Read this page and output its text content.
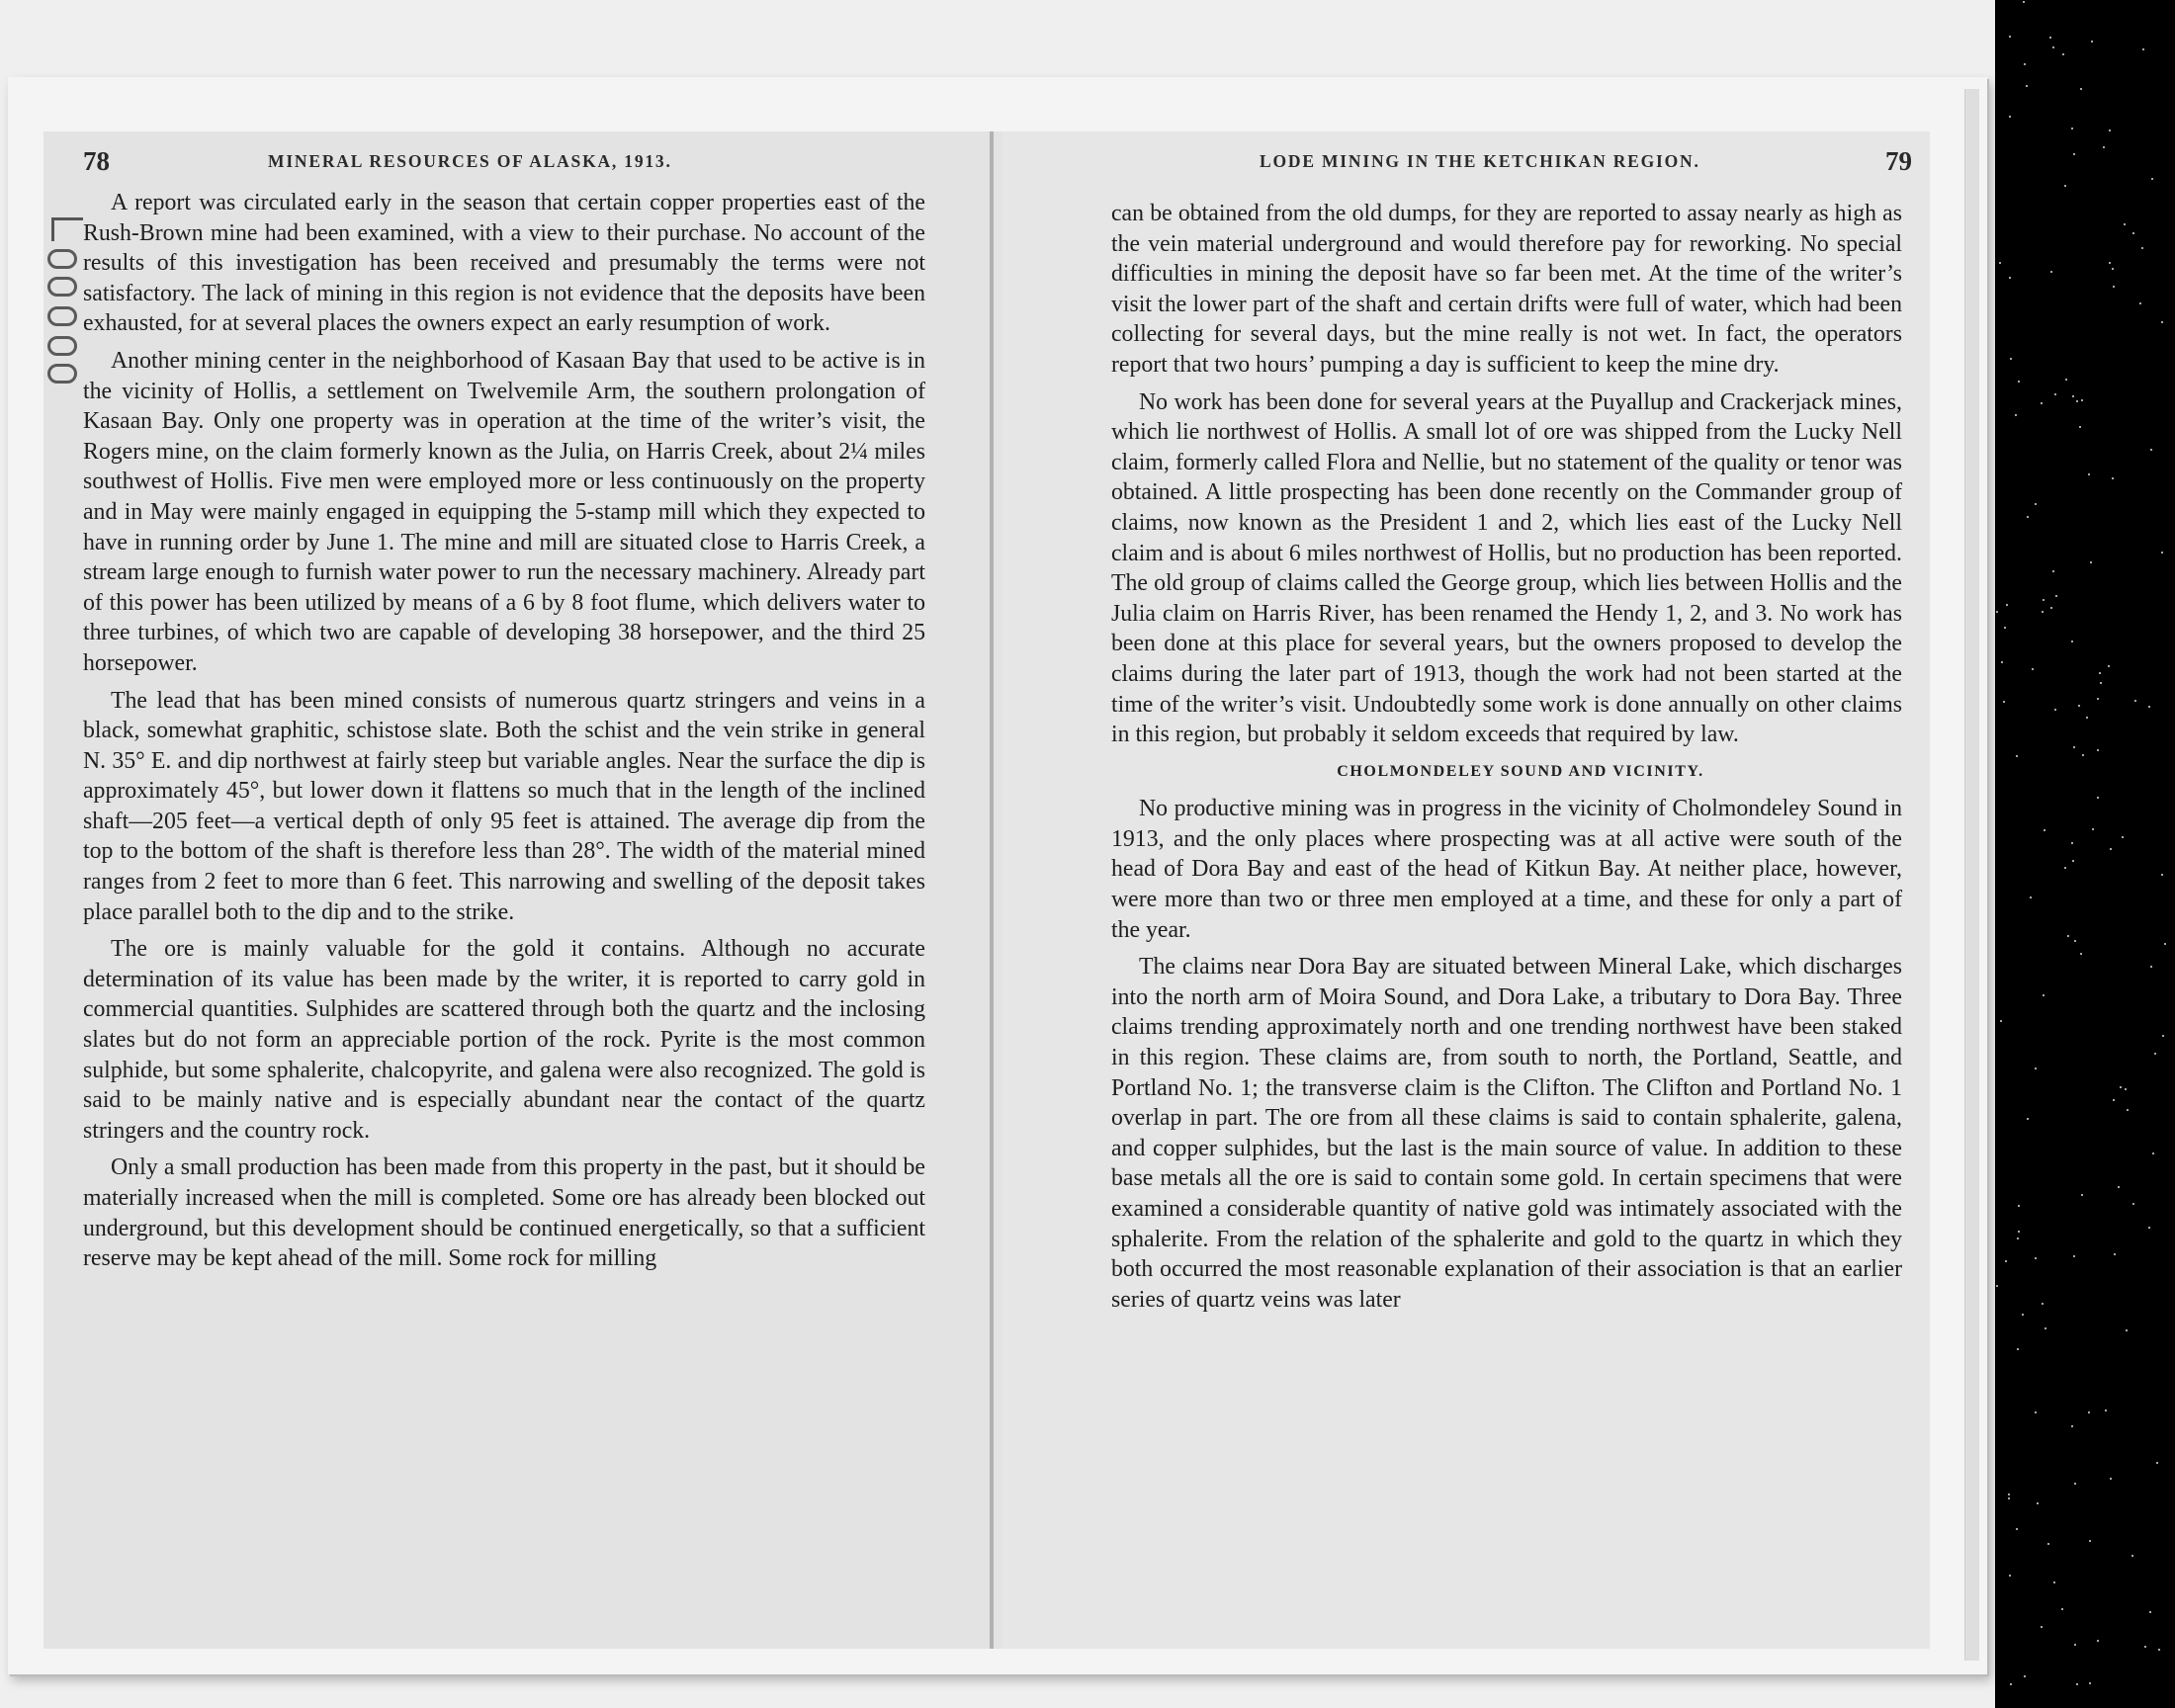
78	MINERAL RESOURCES OF ALASKA, 1913.

A report was circulated early in the season that certain copper properties east of the Rush-Brown mine had been examined, with a view to their purchase. No account of the results of this investigation has been received and presumably the terms were not satisfactory. The lack of mining in this region is not evidence that the deposits have been exhausted, for at several places the owners expect an early resumption of work.

Another mining center in the neighborhood of Kasaan Bay that used to be active is in the vicinity of Hollis, a settlement on Twelvemile Arm, the southern prolongation of Kasaan Bay. Only one property was in operation at the time of the writer’s visit, the Rogers mine, on the claim formerly known as the Julia, on Harris Creek, about 2¼ miles southwest of Hollis. Five men were employed more or less continuously on the property and in May were mainly engaged in equipping the 5-stamp mill which they expected to have in running order by June 1. The mine and mill are situated close to Harris Creek, a stream large enough to furnish water power to run the necessary machinery. Already part of this power has been utilized by means of a 6 by 8 foot flume, which delivers water to three turbines, of which two are capable of developing 38 horsepower, and the third 25 horsepower.

The lead that has been mined consists of numerous quartz stringers and veins in a black, somewhat graphitic, schistose slate. Both the schist and the vein strike in general N. 35° E. and dip northwest at fairly steep but variable angles. Near the surface the dip is approximately 45°, but lower down it flattens so much that in the length of the inclined shaft—205 feet—a vertical depth of only 95 feet is attained. The average dip from the top to the bottom of the shaft is therefore less than 28°. The width of the material mined ranges from 2 feet to more than 6 feet. This narrowing and swelling of the deposit takes place parallel both to the dip and to the strike.

The ore is mainly valuable for the gold it contains. Although no accurate determination of its value has been made by the writer, it is reported to carry gold in commercial quantities. Sulphides are scattered through both the quartz and the inclosing slates but do not form an appreciable portion of the rock. Pyrite is the most common sulphide, but some sphalerite, chalcopyrite, and galena were also recognized. The gold is said to be mainly native and is especially abundant near the contact of the quartz stringers and the country rock.

Only a small production has been made from this property in the past, but it should be materially increased when the mill is completed. Some ore has already been blocked out underground, but this development should be continued energetically, so that a sufficient reserve may be kept ahead of the mill. Some rock for milling

LODE MINING IN THE KETCHIKAN REGION.	79

can be obtained from the old dumps, for they are reported to assay nearly as high as the vein material underground and would therefore pay for reworking. No special difficulties in mining the deposit have so far been met. At the time of the writer’s visit the lower part of the shaft and certain drifts were full of water, which had been collecting for several days, but the mine really is not wet. In fact, the operators report that two hours’ pumping a day is sufficient to keep the mine dry.

No work has been done for several years at the Puyallup and Crackerjack mines, which lie northwest of Hollis. A small lot of ore was shipped from the Lucky Nell claim, formerly called Flora and Nellie, but no statement of the quality or tenor was obtained. A little prospecting has been done recently on the Commander group of claims, now known as the President 1 and 2, which lies east of the Lucky Nell claim and is about 6 miles northwest of Hollis, but no production has been reported. The old group of claims called the George group, which lies between Hollis and the Julia claim on Harris River, has been renamed the Hendy 1, 2, and 3. No work has been done at this place for several years, but the owners proposed to develop the claims during the later part of 1913, though the work had not been started at the time of the writer’s visit. Undoubtedly some work is done annually on other claims in this region, but probably it seldom exceeds that required by law.

CHOLMONDELEY SOUND AND VICINITY.

No productive mining was in progress in the vicinity of Cholmondeley Sound in 1913, and the only places where prospecting was at all active were south of the head of Dora Bay and east of the head of Kitkun Bay. At neither place, however, were more than two or three men employed at a time, and these for only a part of the year.

The claims near Dora Bay are situated between Mineral Lake, which discharges into the north arm of Moira Sound, and Dora Lake, a tributary to Dora Bay. Three claims trending approximately north and one trending northwest have been staked in this region. These claims are, from south to north, the Portland, Seattle, and Portland No. 1; the transverse claim is the Clifton. The Clifton and Portland No. 1 overlap in part. The ore from all these claims is said to contain sphalerite, galena, and copper sulphides, but the last is the main source of value. In addition to these base metals all the ore is said to contain some gold. In certain specimens that were examined a considerable quantity of native gold was intimately associated with the sphalerite. From the relation of the sphalerite and gold to the quartz in which they both occurred the most reasonable explanation of their association is that an earlier series of quartz veins was later
